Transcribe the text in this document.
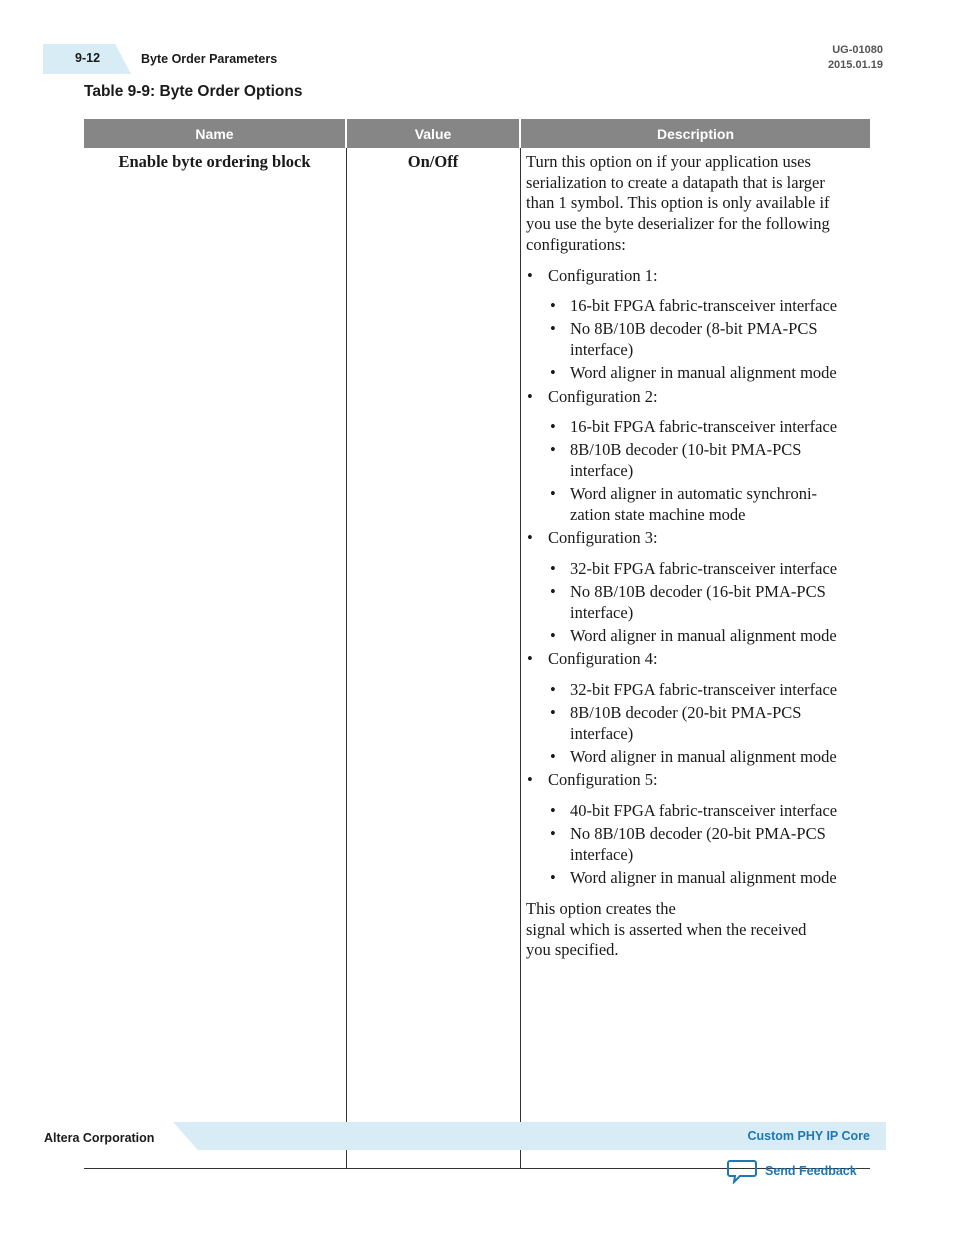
9-12	Byte Order Parameters
UG-01080
2015.01.19
Table 9-9: Byte Order Options
Name	Value	Description
Enable byte ordering block	On/Off	Turn this option on if your application uses serialization to create a datapath that is larger than 1 symbol. This option is only available if you use the byte deserializer for the following configurations:

• Configuration 1:
• 16-bit FPGA fabric-transceiver interface
• No 8B/10B decoder (8-bit PMA-PCS interface)
• Word aligner in manual alignment mode
• Configuration 2:
• 16-bit FPGA fabric-transceiver interface
• 8B/10B decoder (10-bit PMA-PCS interface)
• Word aligner in automatic synchroni-zation state machine mode
• Configuration 3:
• 32-bit FPGA fabric-transceiver interface
• No 8B/10B decoder (16-bit PMA-PCS interface)
• Word aligner in manual alignment mode
• Configuration 4:
• 32-bit FPGA fabric-transceiver interface
• 8B/10B decoder (20-bit PMA-PCS interface)
• Word aligner in manual alignment mode
• Configuration 5:
• 40-bit FPGA fabric-transceiver interface
• No 8B/10B decoder (20-bit PMA-PCS interface)
• Word aligner in manual alignment mode

This option creates the

signal which is asserted when the received

you specified.

Altera Corporation	Custom PHY IP Core
Send Feedback
